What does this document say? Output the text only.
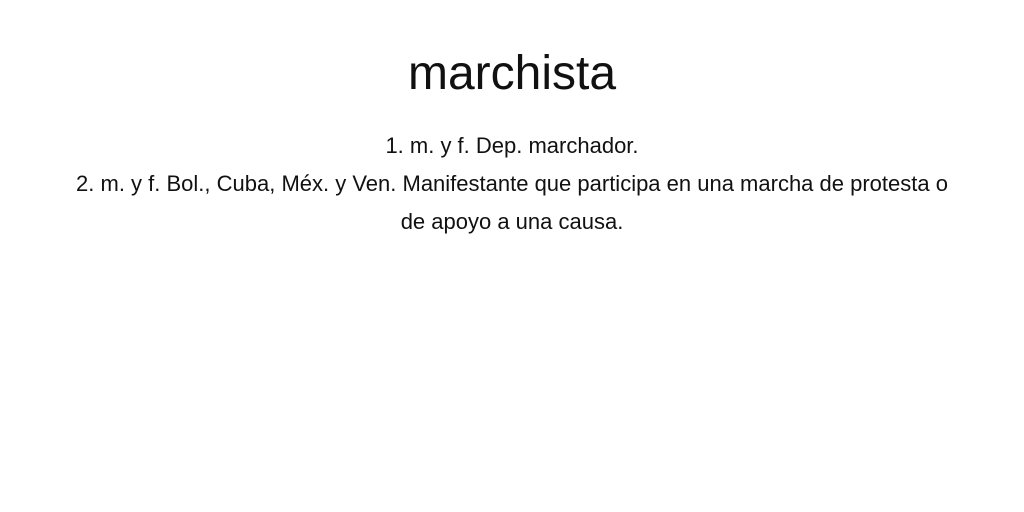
marchista
1. m. y f. Dep. marchador.
2. m. y f. Bol., Cuba, Méx. y Ven. Manifestante que participa en una marcha de protesta o de apoyo a una causa.
